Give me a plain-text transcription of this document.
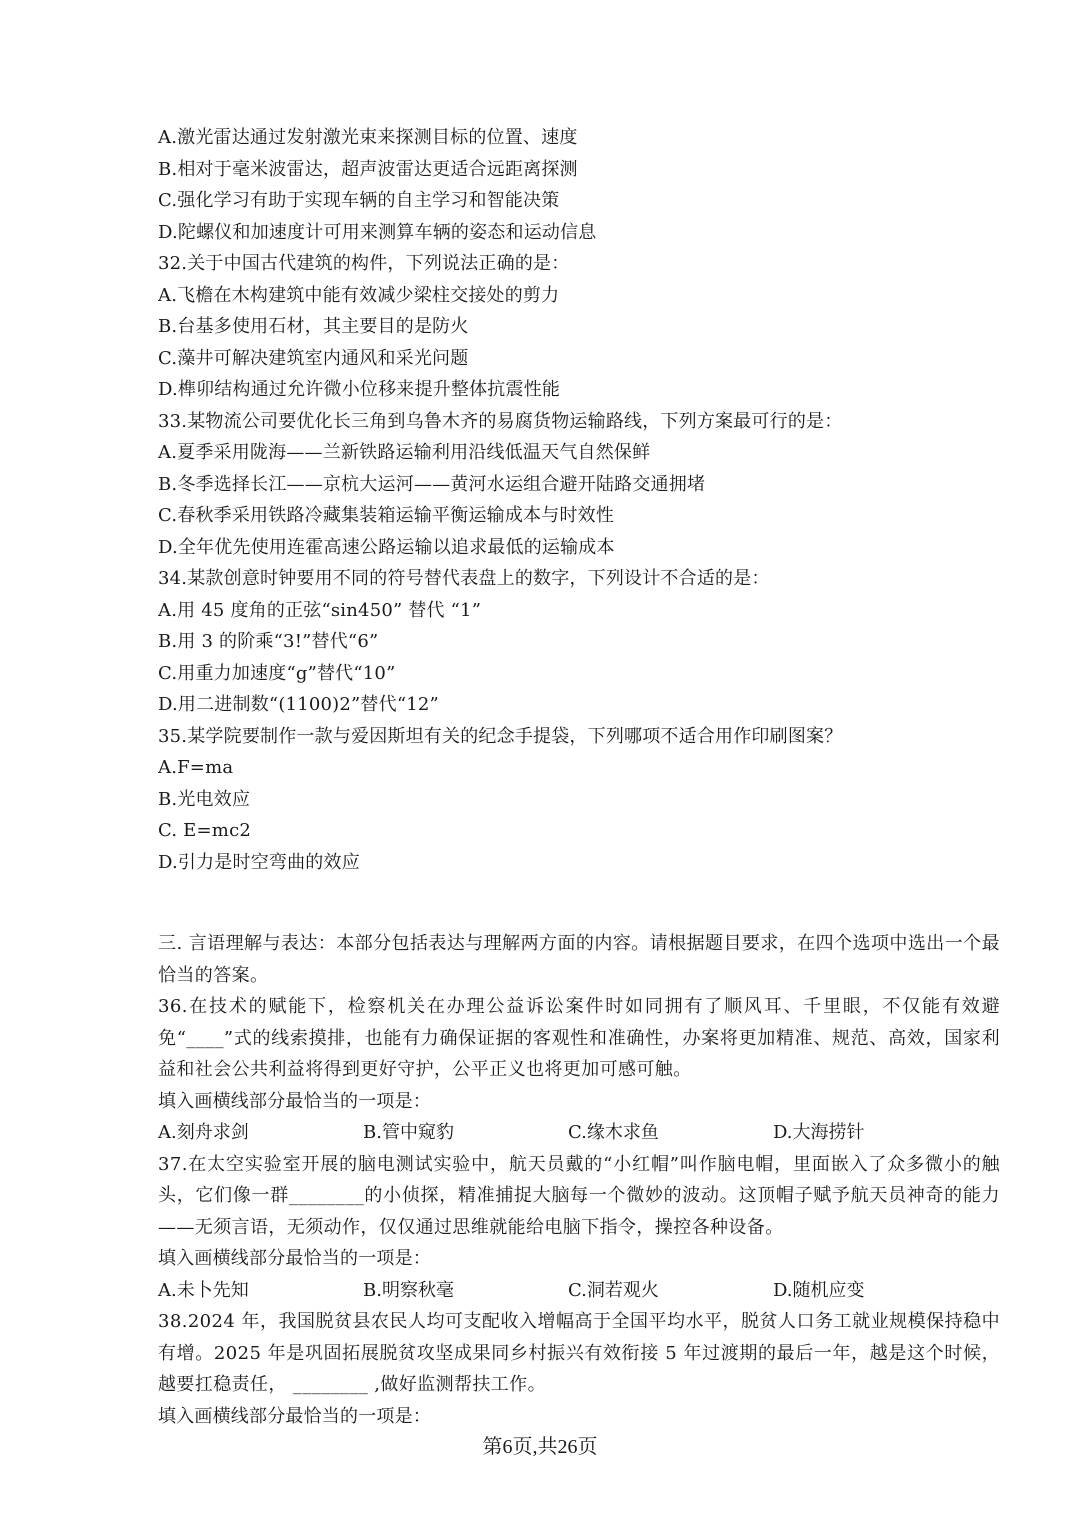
A.激光雷达通过发射激光束来探测目标的位置、速度
B.相对于毫米波雷达，超声波雷达更适合远距离探测
C.强化学习有助于实现车辆的自主学习和智能决策
D.陀螺仪和加速度计可用来测算车辆的姿态和运动信息
32.关于中国古代建筑的构件，下列说法正确的是：
A.飞檐在木构建筑中能有效减少梁柱交接处的剪力
B.台基多使用石材，其主要目的是防火
C.藻井可解决建筑室内通风和采光问题
D.榫卯结构通过允许微小位移来提升整体抗震性能
33.某物流公司要优化长三角到乌鲁木齐的易腐货物运输路线，下列方案最可行的是：
A.夏季采用陇海——兰新铁路运输利用沿线低温天气自然保鲜
B.冬季选择长江——京杭大运河——黄河水运组合避开陆路交通拥堵
C.春秋季采用铁路冷藏集装箱运输平衡运输成本与时效性
D.全年优先使用连霍高速公路运输以追求最低的运输成本
34.某款创意时钟要用不同的符号替代表盘上的数字，下列设计不合适的是：
A.用 45 度角的正弦“sin450” 替代 “1”
B.用 3 的阶乘“3!”替代“6”
C.用重力加速度“g”替代“10”
D.用二进制数“(1100)2”替代“12”
35.某学院要制作一款与爱因斯坦有关的纪念手提袋，下列哪项不适合用作印刷图案？
A.F=ma
B.光电效应
C. E=mc2
D.引力是时空弯曲的效应
三. 言语理解与表达：本部分包括表达与理解两方面的内容。请根据题目要求，在四个选项中选出一个最恰当的答案。
36.在技术的赋能下，检察机关在办理公益诉讼案件时如同拥有了顺风耳、千里眼，不仅能有效避免“____”式的线索摸排，也能有力确保证据的客观性和准确性，办案将更加精准、规范、高效，国家利益和社会公共利益将得到更好守护，公平正义也将更加可感可触。
填入画横线部分最恰当的一项是：
A.刻舟求剑	B.管中窥豹	C.缘木求鱼	D.大海捞针
37.在太空实验室开展的脑电测试实验中，航天员戴的“小红帽”叫作脑电帽，里面嵌入了众多微小的触头，它们像一群________的小侦探，精准捕捉大脑每一个微妙的波动。这顶帽子赋予航天员神奇的能力——无须言语，无须动作，仅仅通过思维就能给电脑下指令，操控各种设备。
填入画横线部分最恰当的一项是：
A.未卜先知	B.明察秋毫	C.洞若观火	D.随机应变
38.2024 年，我国脱贫县农民人均可支配收入增幅高于全国平均水平，脱贫人口务工就业规模保持稳中有增。2025 年是巩固拓展脱贫攻坚成果同乡村振兴有效衔接 5 年过渡期的最后一年，越是这个时候，越要扛稳责任， ________ ,做好监测帮扶工作。
填入画横线部分最恰当的一项是：
第6页,共26页
